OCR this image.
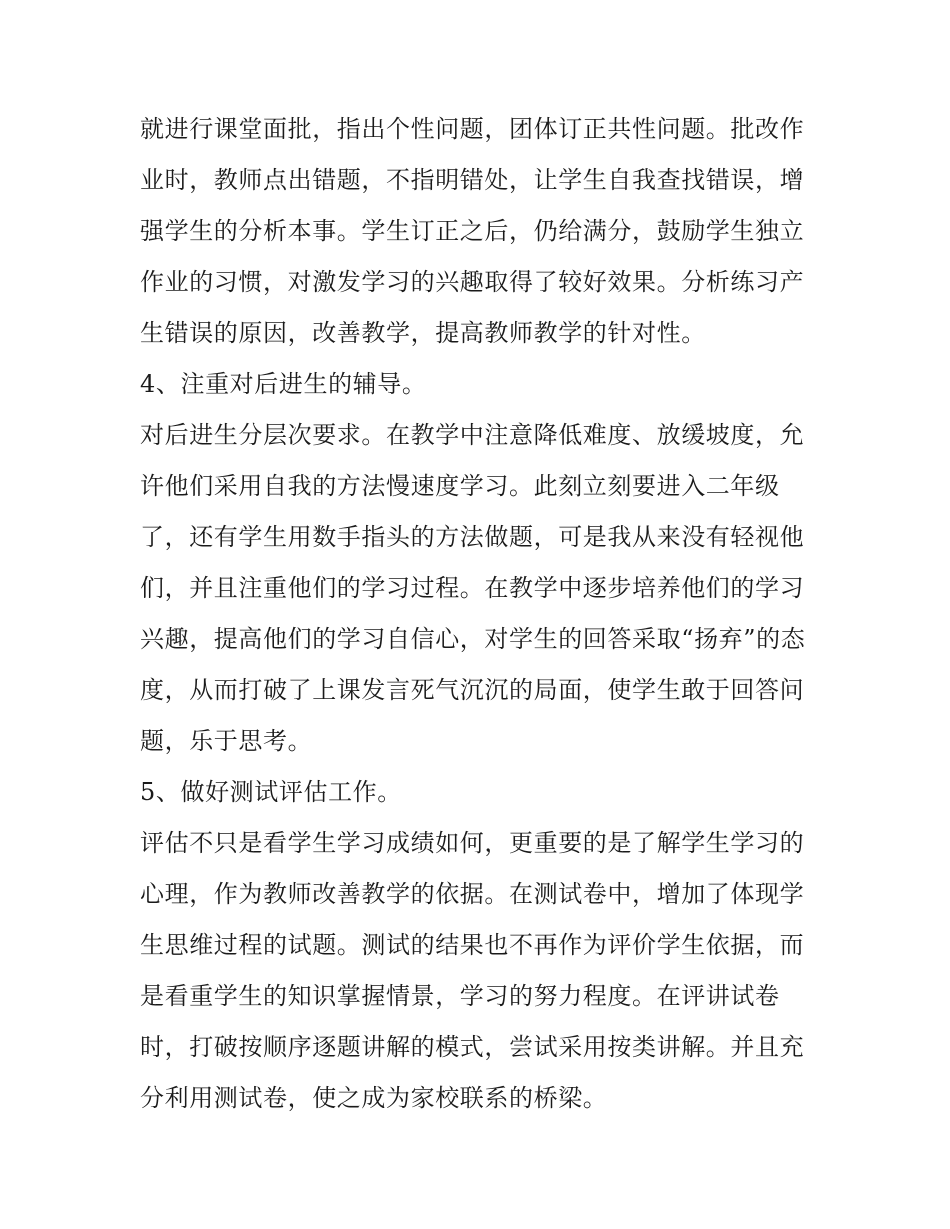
就进行课堂面批，指出个性问题，团体订正共性问题。批改作
业时，教师点出错题，不指明错处，让学生自我查找错误，增
强学生的分析本事。学生订正之后，仍给满分，鼓励学生独立
作业的习惯，对激发学习的兴趣取得了较好效果。分析练习产
生错误的原因，改善教学，提高教师教学的针对性。
4、注重对后进生的辅导。
对后进生分层次要求。在教学中注意降低难度、放缓坡度，允
许他们采用自我的方法慢速度学习。此刻立刻要进入二年级
了，还有学生用数手指头的方法做题，可是我从来没有轻视他
们，并且注重他们的学习过程。在教学中逐步培养他们的学习
兴趣，提高他们的学习自信心，对学生的回答采取“扬弃”的态
度，从而打破了上课发言死气沉沉的局面，使学生敢于回答问
题，乐于思考。
5、做好测试评估工作。
评估不只是看学生学习成绩如何，更重要的是了解学生学习的
心理，作为教师改善教学的依据。在测试卷中，增加了体现学
生思维过程的试题。测试的结果也不再作为评价学生依据，而
是看重学生的知识掌握情景，学习的努力程度。在评讲试卷
时，打破按顺序逐题讲解的模式，尝试采用按类讲解。并且充
分利用测试卷，使之成为家校联系的桥梁。
